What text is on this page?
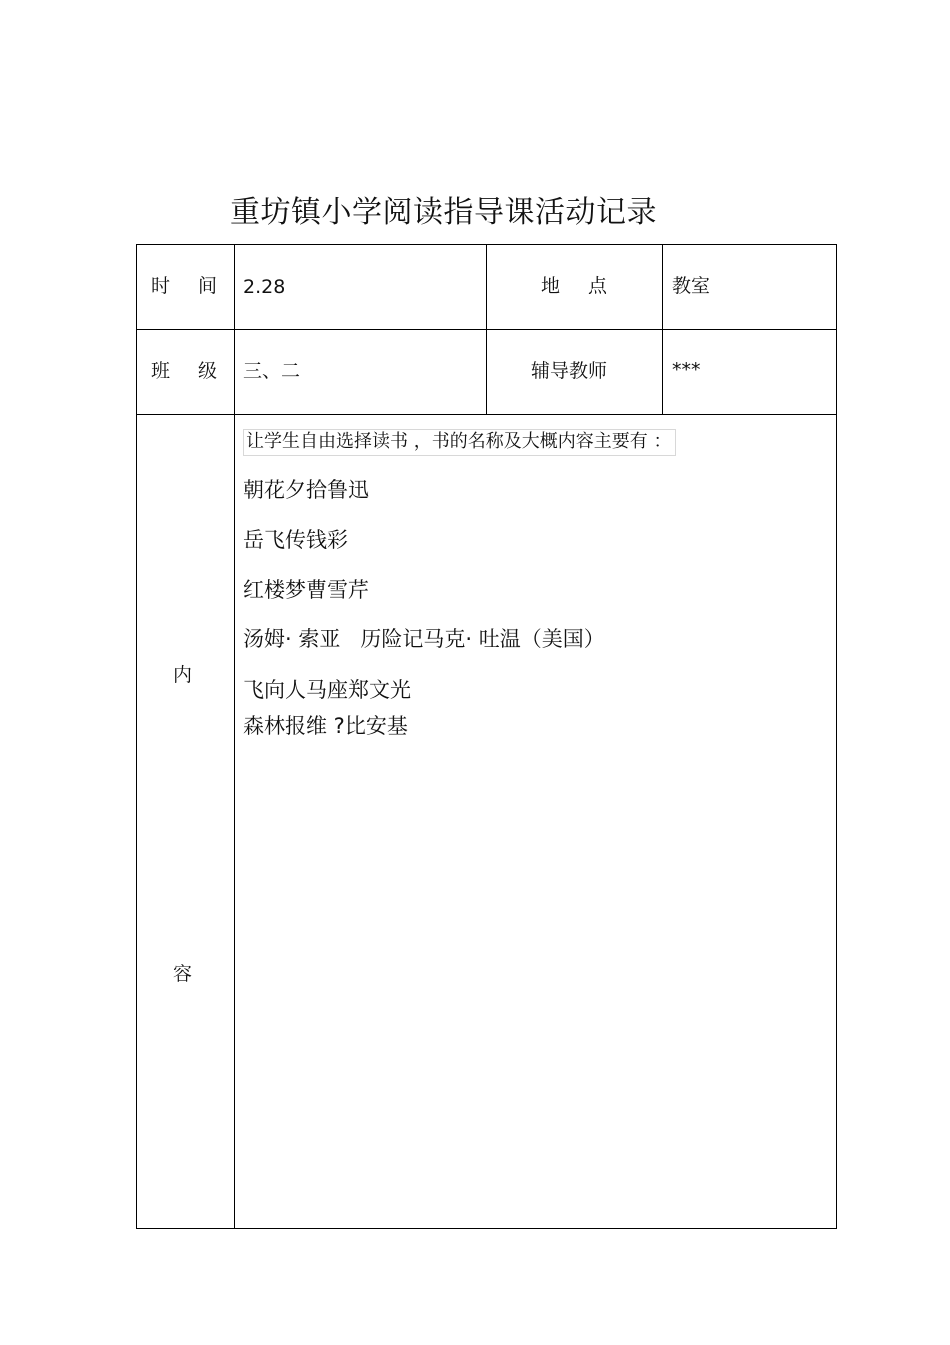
重坊镇小学阅读指导课活动记录
时 间 2.28	地 点	教室
班 级 三、二	辅导教师	***
内
容
让学生自由选择读书 ，书的名称及大概内容主要有 ：
朝花夕拾鲁迅
岳飞传钱彩
红楼梦曹雪芹
汤姆· 索亚   历险记马克· 吐温（美国）
飞向人马座郑文光
森林报维 ?比安基
